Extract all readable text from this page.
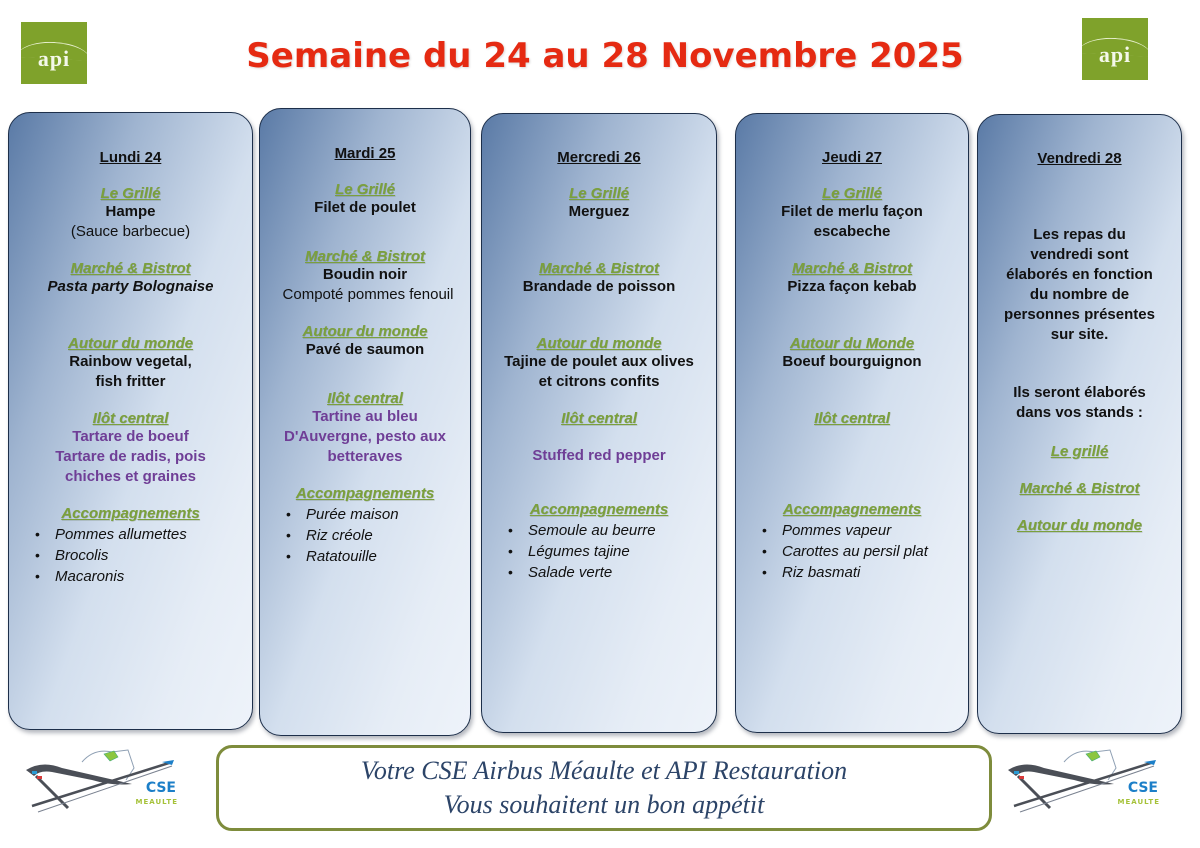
api	api
Semaine du 24 au 28 Novembre 2025
Lundi 24
Le Grillé
Hampe
(Sauce barbecue)
Marché & Bistrot
Pasta party Bolognaise
Autour du monde
Rainbow vegetal,
fish fritter
Ilôt central
Tartare de boeuf
Tartare de radis, pois
chiches et graines
Accompagnements
• Pommes allumettes
• Brocolis
• Macaronis
Mardi 25
Le Grillé
Filet de poulet
Marché & Bistrot
Boudin noir
Compoté pommes fenouil
Autour du monde
Pavé de saumon
Ilôt central
Tartine au bleu
D'Auvergne, pesto aux
betteraves
Accompagnements
• Purée maison
• Riz créole
• Ratatouille
Mercredi 26
Le Grillé
Merguez
Marché & Bistrot
Brandade de poisson
Autour du monde
Tajine de poulet aux olives
et citrons confits
Ilôt central
Stuffed red pepper
Accompagnements
• Semoule au beurre
• Légumes tajine
• Salade verte
Jeudi 27
Le Grillé
Filet de merlu façon
escabeche
Marché & Bistrot
Pizza façon kebab
Autour du Monde
Boeuf bourguignon
Ilôt central
Accompagnements
• Pommes vapeur
• Carottes au persil plat
• Riz basmati
Vendredi 28
Les repas du
vendredi sont
élaborés en fonction
du nombre de
personnes présentes
sur site.
Ils seront élaborés
dans vos stands :
Le grillé
Marché & Bistrot
Autour du monde
CSE
MEAULTE
Votre CSE Airbus Méaulte et API Restauration
Vous souhaitent un bon appétit
CSE
MEAULTE
